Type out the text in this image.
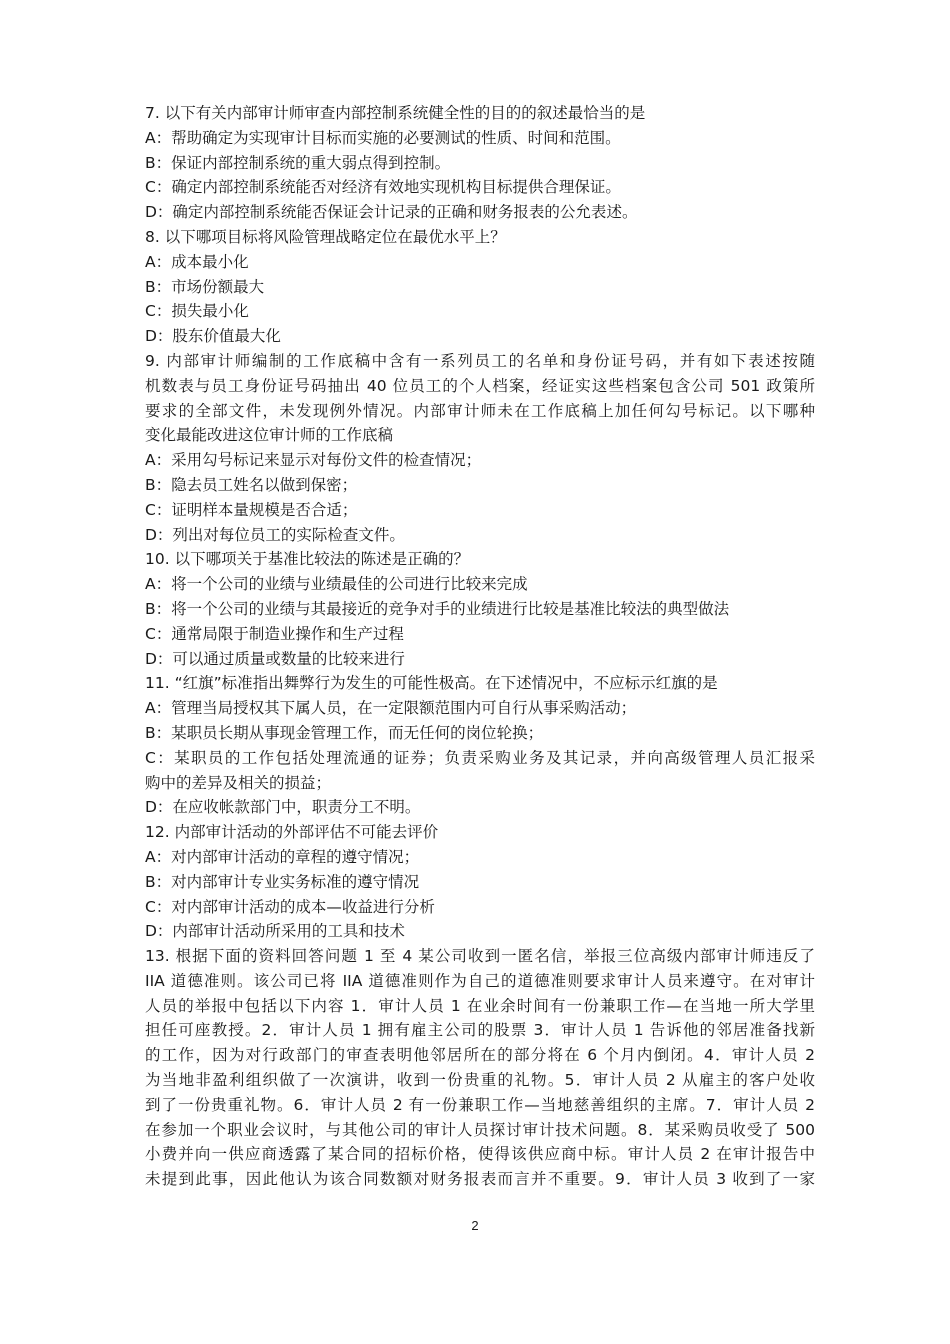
7. 以下有关内部审计师审查内部控制系统健全性的目的的叙述最恰当的是
A：帮助确定为实现审计目标而实施的必要测试的性质、时间和范围。
B：保证内部控制系统的重大弱点得到控制。
C：确定内部控制系统能否对经济有效地实现机构目标提供合理保证。
D：确定内部控制系统能否保证会计记录的正确和财务报表的公允表述。
8. 以下哪项目标将风险管理战略定位在最优水平上？
A：成本最小化
B：市场份额最大
C：损失最小化
D：股东价值最大化
9. 内部审计师编制的工作底稿中含有一系列员工的名单和身份证号码，并有如下表述按随
机数表与员工身份证号码抽出 40 位员工的个人档案，经证实这些档案包含公司 501 政策所
要求的全部文件，未发现例外情况。内部审计师未在工作底稿上加任何勾号标记。以下哪种
变化最能改进这位审计师的工作底稿
A：采用勾号标记来显示对每份文件的检查情况；
B：隐去员工姓名以做到保密；
C：证明样本量规模是否合适；
D：列出对每位员工的实际检查文件。
10. 以下哪项关于基准比较法的陈述是正确的？
A：将一个公司的业绩与业绩最佳的公司进行比较来完成
B：将一个公司的业绩与其最接近的竞争对手的业绩进行比较是基准比较法的典型做法
C：通常局限于制造业操作和生产过程
D：可以通过质量或数量的比较来进行
11. “红旗”标准指出舞弊行为发生的可能性极高。在下述情况中，不应标示红旗的是
A：管理当局授权其下属人员，在一定限额范围内可自行从事采购活动；
B：某职员长期从事现金管理工作，而无任何的岗位轮换；
C：某职员的工作包括处理流通的证券；负责采购业务及其记录，并向高级管理人员汇报采
购中的差异及相关的损益；
D：在应收帐款部门中，职责分工不明。
12. 内部审计活动的外部评估不可能去评价
A：对内部审计活动的章程的遵守情况；
B：对内部审计专业实务标准的遵守情况
C：对内部审计活动的成本—收益进行分析
D：内部审计活动所采用的工具和技术
13. 根据下面的资料回答问题 1 至 4 某公司收到一匿名信，举报三位高级内部审计师违反了
IIA 道德准则。该公司已将 IIA 道德准则作为自己的道德准则要求审计人员来遵守。在对审计
人员的举报中包括以下内容 1．审计人员 1 在业余时间有一份兼职工作—在当地一所大学里
担任可座教授。2．审计人员 1 拥有雇主公司的股票 3．审计人员 1 告诉他的邻居准备找新
的工作，因为对行政部门的审查表明他邻居所在的部分将在 6 个月内倒闭。4．审计人员 2
为当地非盈利组织做了一次演讲，收到一份贵重的礼物。5．审计人员 2 从雇主的客户处收
到了一份贵重礼物。6．审计人员 2 有一份兼职工作—当地慈善组织的主席。7．审计人员 2
在参加一个职业会议时，与其他公司的审计人员探讨审计技术问题。8．某采购员收受了 500
小费并向一供应商透露了某合同的招标价格，使得该供应商中标。审计人员 2 在审计报告中
未提到此事，因此他认为该合同数额对财务报表而言并不重要。9．审计人员 3 收到了一家
2
